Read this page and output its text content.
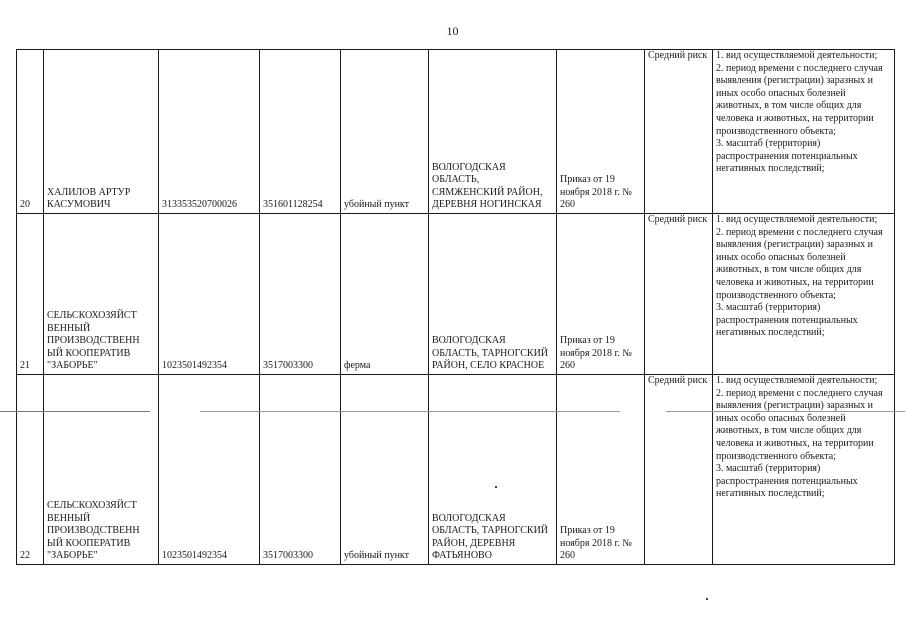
10
20	ХАЛИЛОВ АРТУР КАСУМОВИЧ	313353520700026	351601128254	убойный пункт	ВОЛОГОДСКАЯ ОБЛАСТЬ, СЯМЖЕНСКИЙ РАЙОН, ДЕРЕВНЯ НОГИНСКАЯ	Приказ от 19 ноября 2018 г. № 260	Средний риск	1. вид осуществляемой деятельности;
2. период времени с последнего случая выявления (регистрации) заразных и иных особо опасных болезней животных, в том числе общих для человека и животных, на территории производственного объекта;
3. масштаб (территория) распространения потенциальных негативных последствий;

21	СЕЛЬСКОХОЗЯЙСТ ВЕННЫЙ ПРОИЗВОДСТВЕНН ЫЙ КООПЕРАТИВ "ЗАБОРЬЕ"	1023501492354	3517003300	ферма	ВОЛОГОДСКАЯ ОБЛАСТЬ, ТАРНОГСКИЙ РАЙОН, СЕЛО КРАСНОЕ	Приказ от 19 ноября 2018 г. № 260	Средний риск	1. вид осуществляемой деятельности;
2. период времени с последнего случая выявления (регистрации) заразных и иных особо опасных болезней животных, в том числе общих для человека и животных, на территории производственного объекта;
3. масштаб (территория) распространения потенциальных негативных последствий;

22	СЕЛЬСКОХОЗЯЙСТ ВЕННЫЙ ПРОИЗВОДСТВЕНН ЫЙ КООПЕРАТИВ "ЗАБОРЬЕ"	1023501492354	3517003300	убойный пункт	ВОЛОГОДСКАЯ ОБЛАСТЬ, ТАРНОГСКИЙ РАЙОН, ДЕРЕВНЯ ФАТЬЯНОВО	Приказ от 19 ноября 2018 г. № 260	Средний риск	1. вид осуществляемой деятельности;
2. период времени с последнего случая выявления (регистрации) заразных и иных особо опасных болезней животных, в том числе общих для человека и животных, на территории производственного объекта;
3. масштаб (территория) распространения потенциальных негативных последствий;
